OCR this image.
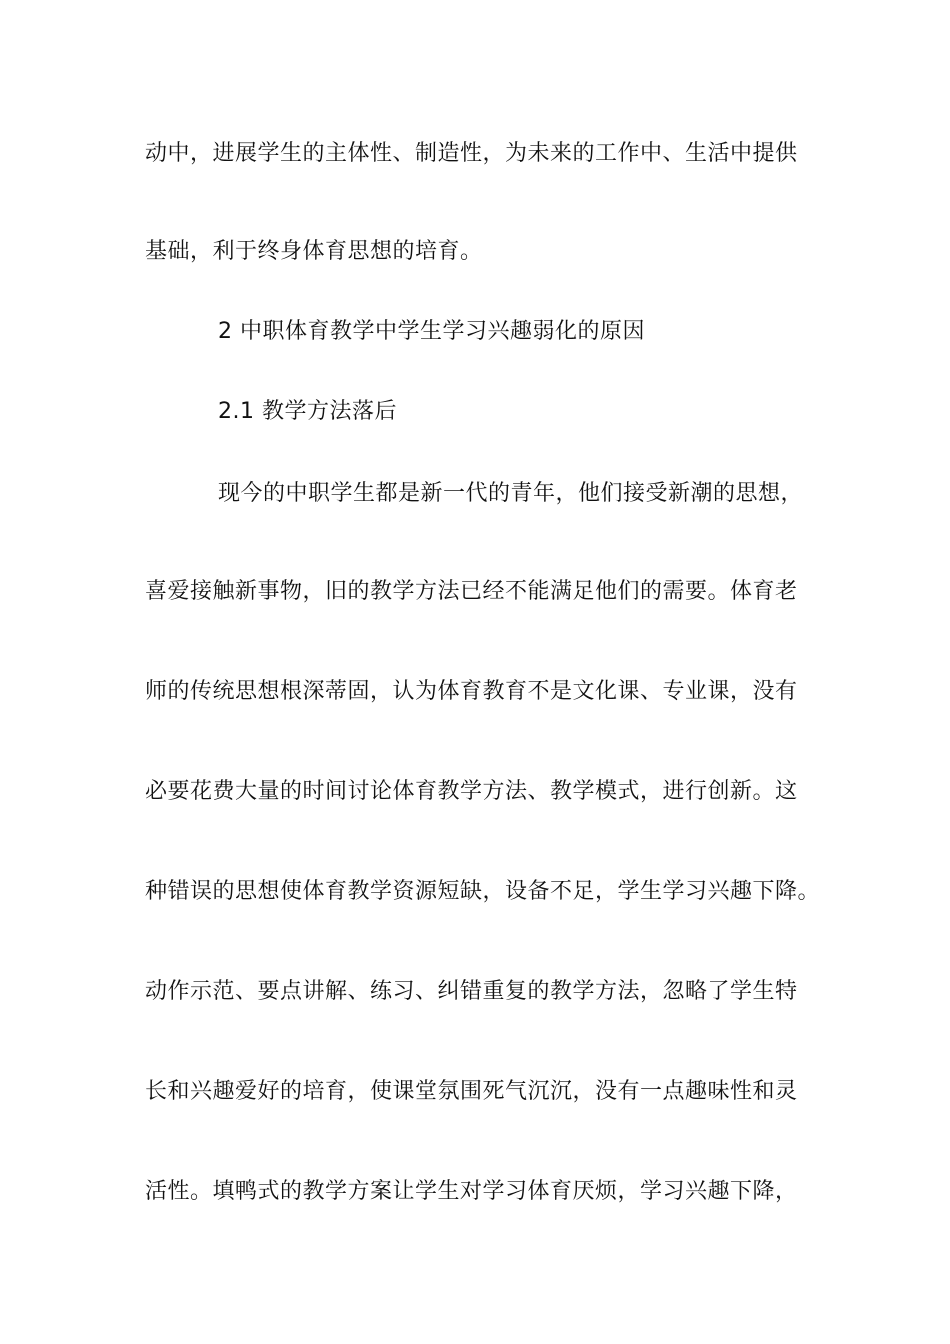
动中，进展学生的主体性、制造性，为未来的工作中、生活中提供
基础，利于终身体育思想的培育。
2 中职体育教学中学生学习兴趣弱化的原因
2.1 教学方法落后
现今的中职学生都是新一代的青年，他们接受新潮的思想，
喜爱接触新事物，旧的教学方法已经不能满足他们的需要。体育老
师的传统思想根深蒂固，认为体育教育不是文化课、专业课，没有
必要花费大量的时间讨论体育教学方法、教学模式，进行创新。这
种错误的思想使体育教学资源短缺，设备不足，学生学习兴趣下降。
动作示范、要点讲解、练习、纠错重复的教学方法，忽略了学生特
长和兴趣爱好的培育，使课堂氛围死气沉沉，没有一点趣味性和灵
活性。填鸭式的教学方案让学生对学习体育厌烦，学习兴趣下降，
